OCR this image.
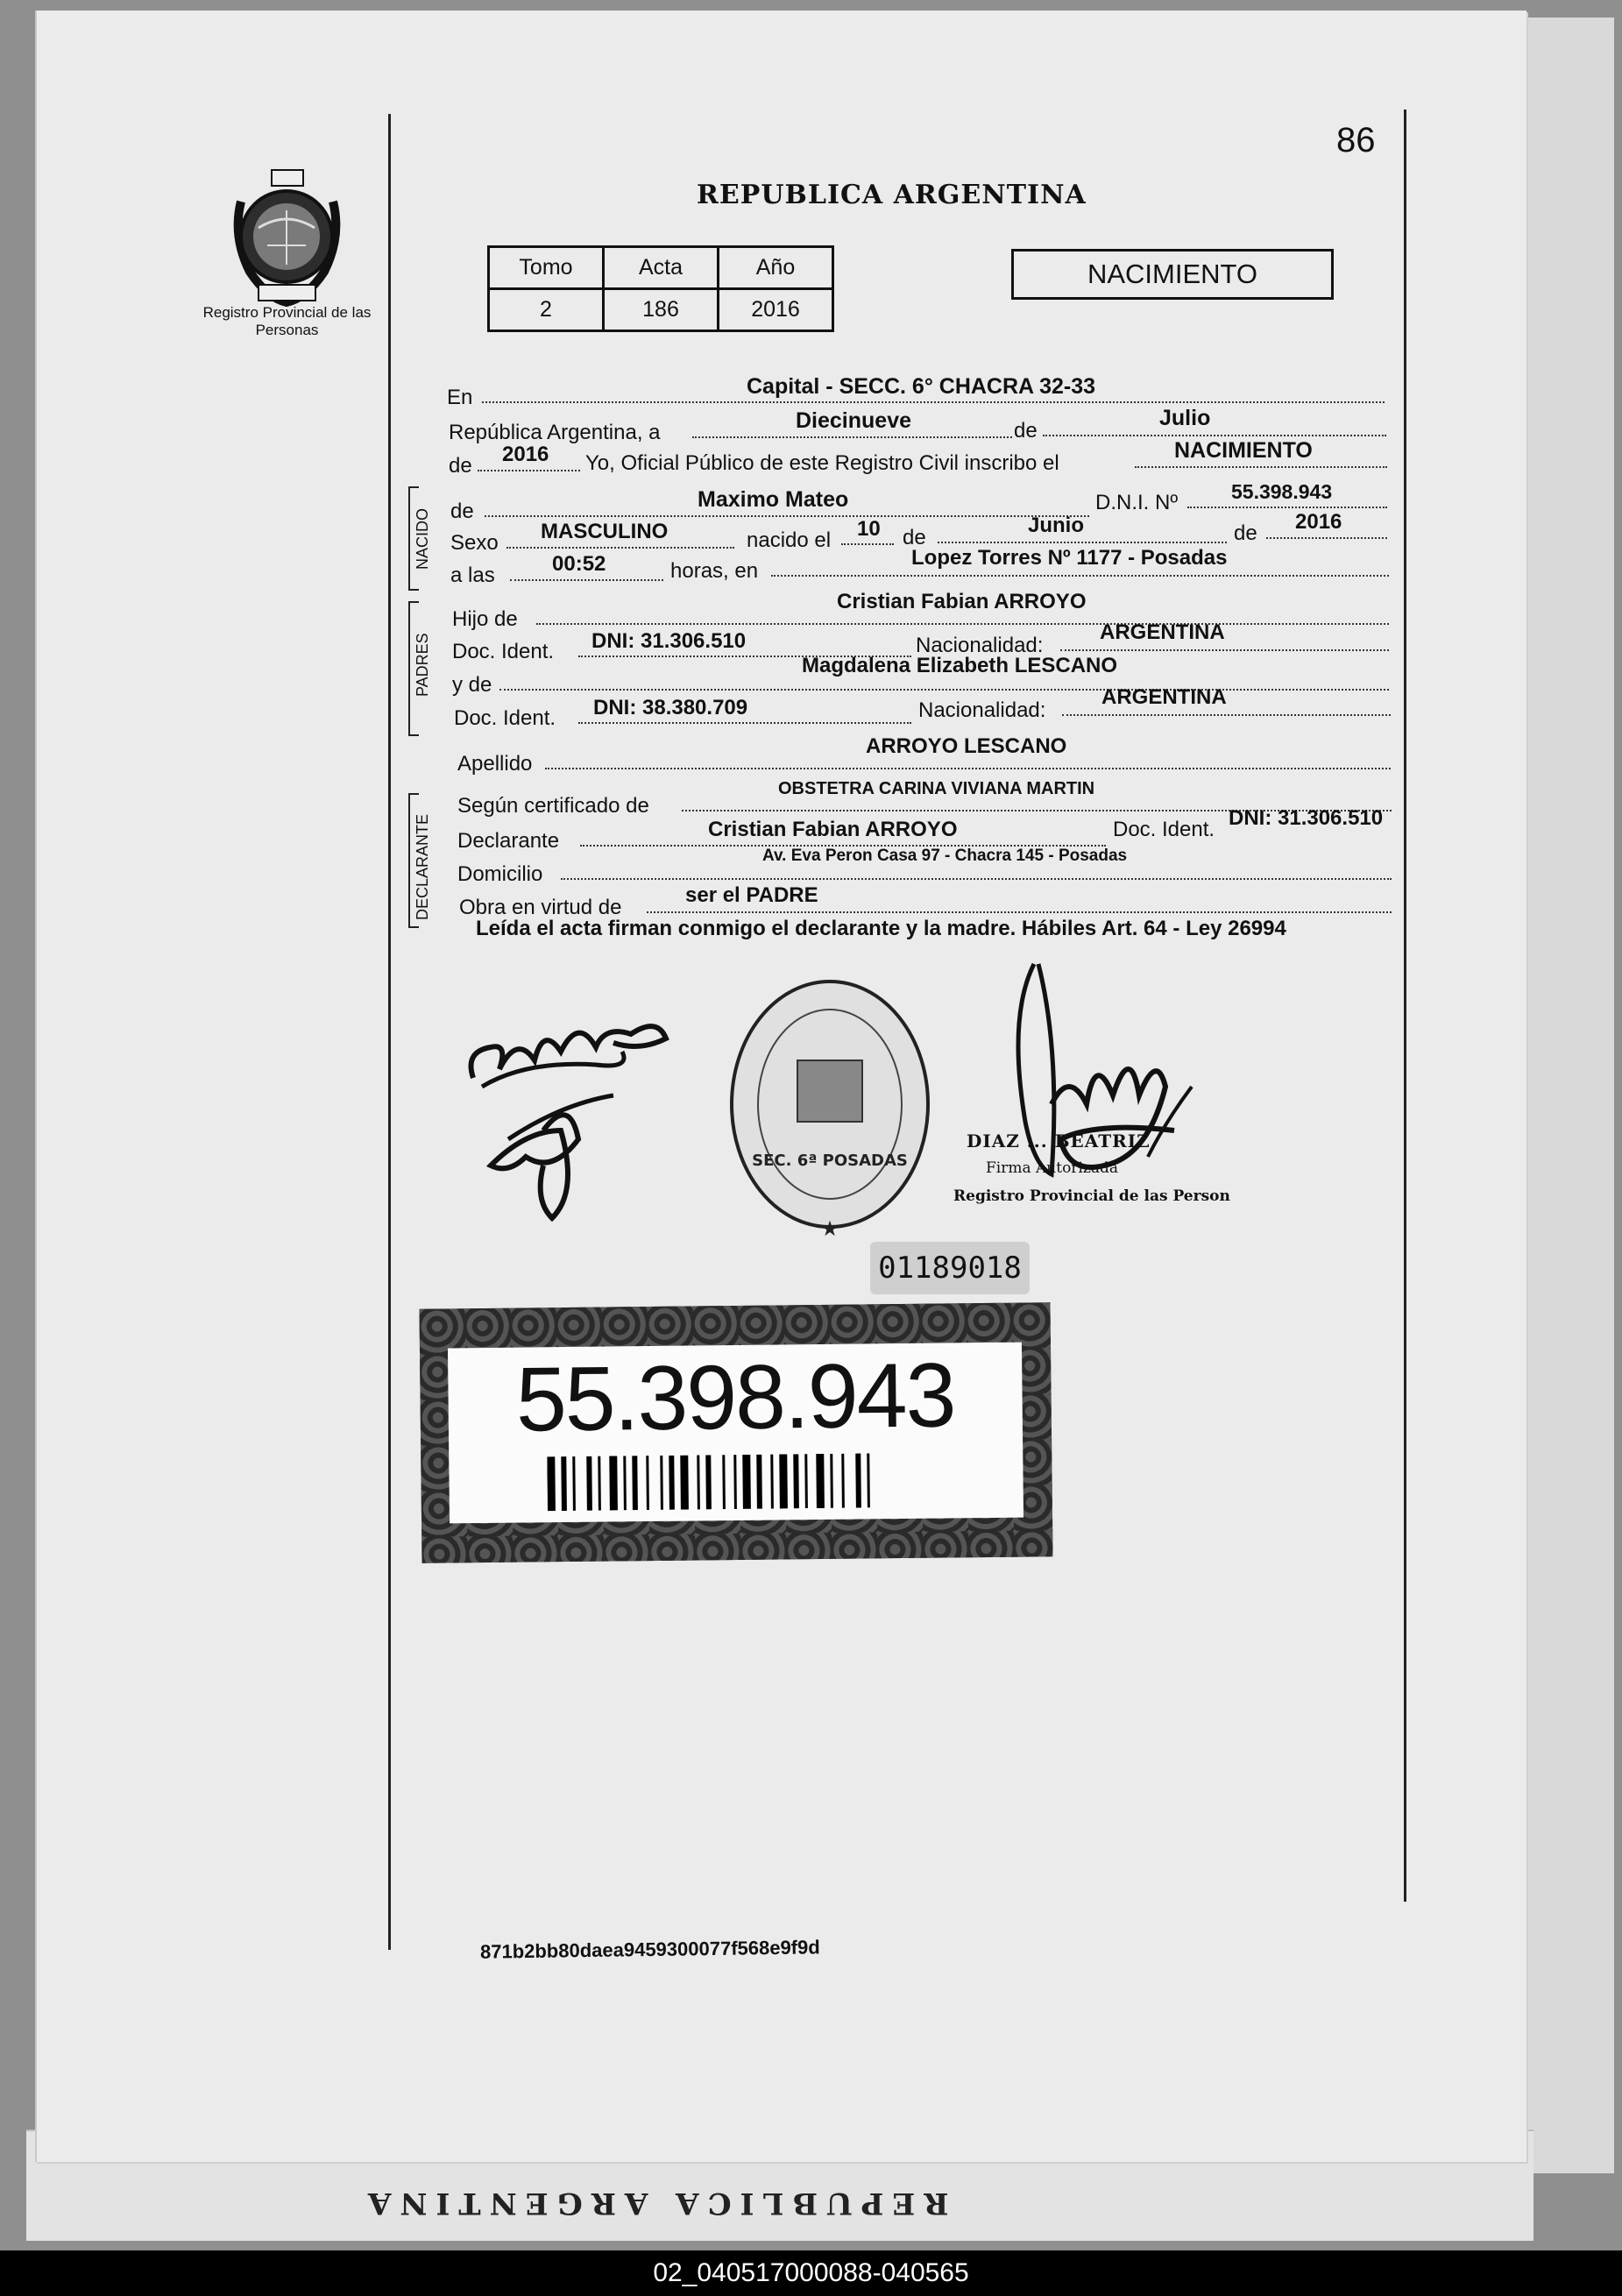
REPUBLICA ARGENTINA
86
REPUBLICA ARGENTINA
Registro Provincial de las Personas
Tomo	Acta	Año
2	186	2016
NACIMIENTO
En	Capital - SECC. 6° CHACRA 32-33
República Argentina, a	Diecinueve	de
Julio
de 2016 Yo, Oficial Público de este Registro Civil inscribo el
NACIMIENTO
NACIDO de	Maximo Mateo	D.N.I. Nº	55.398.943
Sexo MASCULINO	nacido el 10 de
Junio	de 2016
a las	00:52	horas, en
Lopez Torres Nº 1177 - Posadas
PADRES
Hijo de
Cristian Fabian ARROYO
Doc. Ident. DNI: 31.306.510	Nacionalidad:
ARGENTINA
y de
Magdalena Elizabeth LESCANO
Doc. Ident. DNI: 38.380.709	Nacionalidad:
ARGENTINA
Apellido
ARROYO LESCANO
DECLARANTE
Según certificado de
OBSTETRA CARINA VIVIANA MARTIN
Declarante	Cristian Fabian ARROYO	Doc. Ident. DNI: 31.306.510
Domicilio
Av. Eva Peron Casa 97 - Chacra 145 - Posadas
Obra en virtud de
ser el PADRE
Leída el acta firman conmigo el declarante y la madre. Hábiles Art. 64 - Ley 26994
SEC. 6ª POSADAS
★
DIAZ ... BEATRIZ
Firma Autorizada
Registro Provincial de las Person
01189018
55.398.943
871b2bb80daea9459300077f568e9f9d
02_040517000088-040565
